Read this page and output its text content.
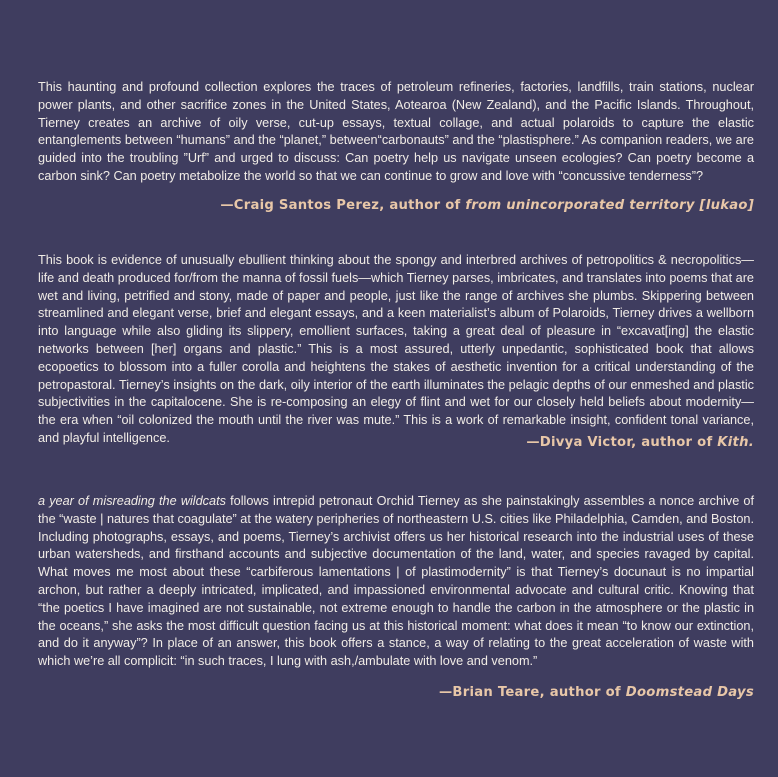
This haunting and profound collection explores the traces of petroleum refineries, factories, landfills, train stations, nuclear power plants, and other sacrifice zones in the United States, Aotearoa (New Zealand), and the Pacific Islands. Throughout, Tierney creates an archive of oily verse, cut-up essays, textual collage, and actual polaroids to capture the elastic entanglements between “humans” and the “planet,” between“carbonauts” and the “plastisphere.” As companion readers, we are guided into the troubling ”Urf” and urged to discuss: Can poetry help us navigate unseen ecologies? Can poetry become a carbon sink? Can poetry metabolize the world so that we can continue to grow and love with “concussive tenderness”?

—Craig Santos Perez, author of from unincorporated territory [lukao]

This book is evidence of unusually ebullient thinking about the spongy and interbred archives of petropolitics & necropolitics—life and death produced for/from the manna of fossil fuels—which Tierney parses, imbricates, and translates into poems that are wet and living, petrified and stony, made of paper and people, just like the range of archives she plumbs. Skippering between streamlined and elegant verse, brief and elegant essays, and a keen materialist’s album of Polaroids, Tierney drives a wellborn into language while also gliding its slippery, emollient surfaces, taking a great deal of pleasure in “excavat[ing] the elastic networks between [her] organs and plastic.” This is a most assured, utterly unpedantic, sophisticated book that allows ecopoetics to blossom into a fuller corolla and heightens the stakes of aesthetic invention for a critical understanding of the petropastoral. Tierney’s insights on the dark, oily interior of the earth illuminates the pelagic depths of our enmeshed and plastic subjectivities in the capitalocene. She is re-composing an elegy of flint and wet for our closely held beliefs about modernity— the era when “oil colonized the mouth until the river was mute.” This is a work of remarkable insight, confident tonal variance, and playful intelligence.	—Divya Victor, author of Kith.

a year of misreading the wildcats follows intrepid petronaut Orchid Tierney as she painstakingly assembles a nonce archive of the “waste | natures that coagulate” at the watery peripheries of northeastern U.S. cities like Philadelphia, Camden, and Boston. Including photographs, essays, and poems, Tierney’s archivist offers us her historical research into the industrial uses of these urban watersheds, and firsthand accounts and subjective documentation of the land, water, and species ravaged by capital. What moves me most about these “carbiferous lamentations | of plastimodernity” is that Tierney’s docunaut is no impartial archon, but rather a deeply intricated, implicated, and impassioned environmental advocate and cultural critic. Knowing that “the poetics I have imagined are not sustainable, not extreme enough to handle the carbon in the atmosphere or the plastic in the oceans,” she asks the most difficult question facing us at this historical moment: what does it mean “to know our extinction, and do it anyway”? In place of an answer, this book offers a stance, a way of relating to the great acceleration of waste with which we’re all complicit: “in such traces, I lung with ash,/ambulate with love and venom.”

—Brian Teare, author of Doomstead Days
